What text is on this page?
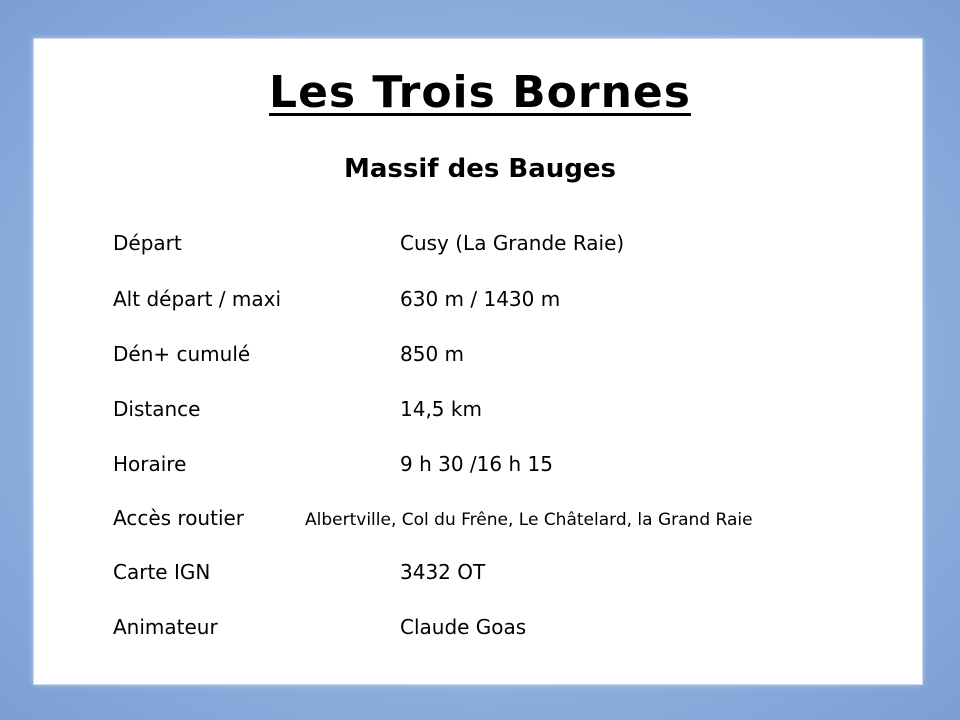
Les Trois Bornes
Massif des Bauges
Départ	Cusy (La Grande Raie)
Alt départ / maxi	630 m / 1430 m
Dén+ cumulé	850 m
Distance	14,5 km
Horaire	9 h 30 /16 h 15
Accès routier	Albertville, Col du Frêne, Le Châtelard, la Grand Raie
Carte IGN	3432 OT
Animateur	Claude Goas
